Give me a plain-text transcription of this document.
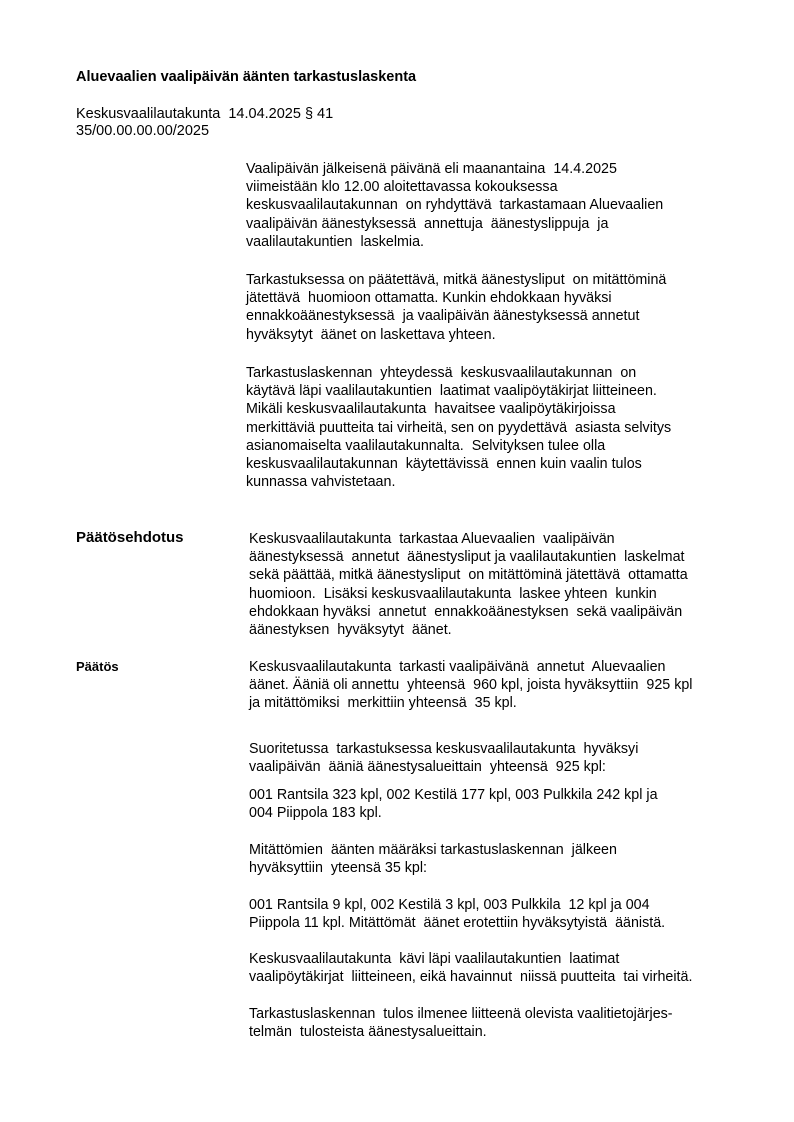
Aluevaalien vaalipäivän äänten tarkastuslaskenta
Keskusvaalilautakunta  14.04.2025 § 41
35/00.00.00.00/2025
Vaalipäivän jälkeisenä päivänä eli maanantaina  14.4.2025
viimeistään klo 12.00 aloitettavassa kokouksessa
keskusvaalilautakunnan  on ryhdyttävä  tarkastamaan Aluevaalien
vaalipäivän äänestyksessä  annettuja  äänestyslippuja  ja
vaalilautakuntien  laskelmia.
Tarkastuksessa on päätettävä, mitkä äänestysliput  on mitättöminä
jätettävä  huomioon ottamatta. Kunkin ehdokkaan hyväksi
ennakkoäänestyksessä  ja vaalipäivän äänestyksessä annetut
hyväksytyt  äänet on laskettava yhteen.
Tarkastuslaskennan  yhteydessä  keskusvaalilautakunnan  on
käytävä läpi vaalilautakuntien  laatimat vaalipöytäkirjat liitteineen.
Mikäli keskusvaalilautakunta  havaitsee vaalipöytäkirjoissa
merkittäviä puutteita tai virheitä, sen on pyydettävä  asiasta selvitys
asianomaiselta vaalilautakunnalta.  Selvityksen tulee olla
keskusvaalilautakunnan  käytettävissä  ennen kuin vaalin tulos
kunnassa vahvistetaan.
Päätösehdotus	Keskusvaalilautakunta  tarkastaa Aluevaalien  vaalipäivän
äänestyksessä  annetut  äänestysliput ja vaalilautakuntien  laskelmat
sekä päättää, mitkä äänestysliput  on mitättöminä jätettävä  ottamatta
huomioon.  Lisäksi keskusvaalilautakunta  laskee yhteen  kunkin
ehdokkaan hyväksi  annetut  ennakkoäänestyksen  sekä vaalipäivän
äänestyksen  hyväksytyt  äänet.
Päätös	Keskusvaalilautakunta  tarkasti vaalipäivänä  annetut  Aluevaalien
äänet. Ääniä oli annettu  yhteensä  960 kpl, joista hyväksyttiin  925 kpl
ja mitättömiksi  merkittiin yhteensä  35 kpl.
Suoritetussa  tarkastuksessa keskusvaalilautakunta  hyväksyi
vaalipäivän  ääniä äänestysalueittain  yhteensä  925 kpl:
001 Rantsila 323 kpl, 002 Kestilä 177 kpl, 003 Pulkkila 242 kpl ja
004 Piippola 183 kpl.
Mitättömien  äänten määräksi tarkastuslaskennan  jälkeen
hyväksyttiin  yteensä 35 kpl:
001 Rantsila 9 kpl, 002 Kestilä 3 kpl, 003 Pulkkila  12 kpl ja 004
Piippola 11 kpl. Mitättömät  äänet erotettiin hyväksytyistä  äänistä.
Keskusvaalilautakunta  kävi läpi vaalilautakuntien  laatimat
vaalipöytäkirjat  liitteineen, eikä havainnut  niissä puutteita  tai virheitä.
Tarkastuslaskennan  tulos ilmenee liitteenä olevista vaalitietojärjes-
telmän  tulosteista äänestysalueittain.
